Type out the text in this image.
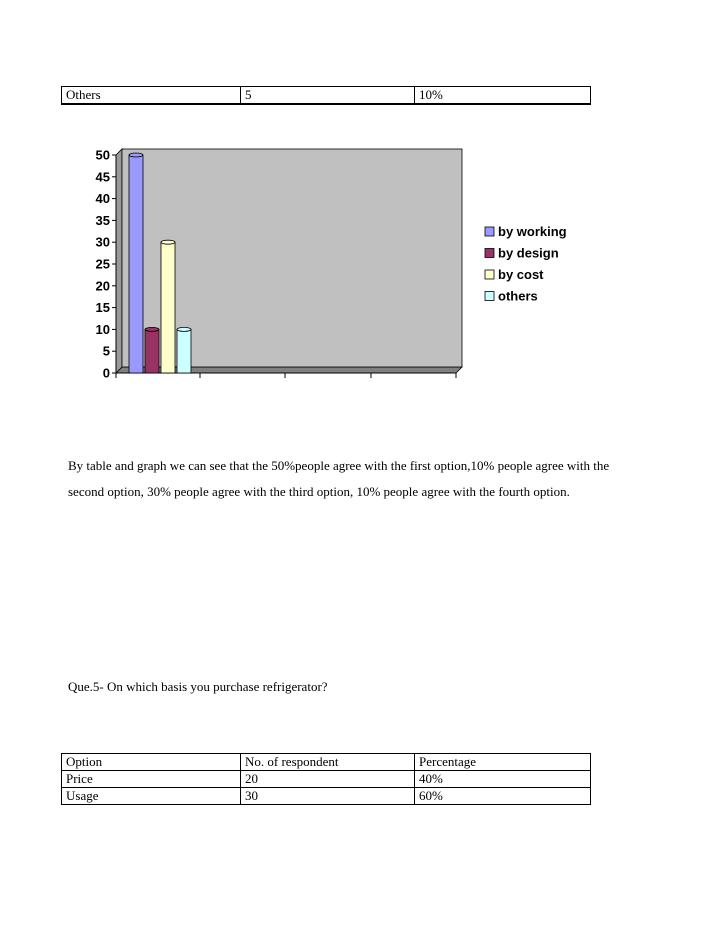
Others	5	10%
0
5
10
15
20
25
30
35
40
45
50
by working
by design
by cost
others

By table and graph we can see that the 50%people agree with the first option,10% people agree with the second option, 30% people agree with the third option, 10% people agree with the fourth option.

Que.5- On which basis you purchase refrigerator?

Option	No. of respondent	Percentage
Price	20	40%
Usage	30	60%
